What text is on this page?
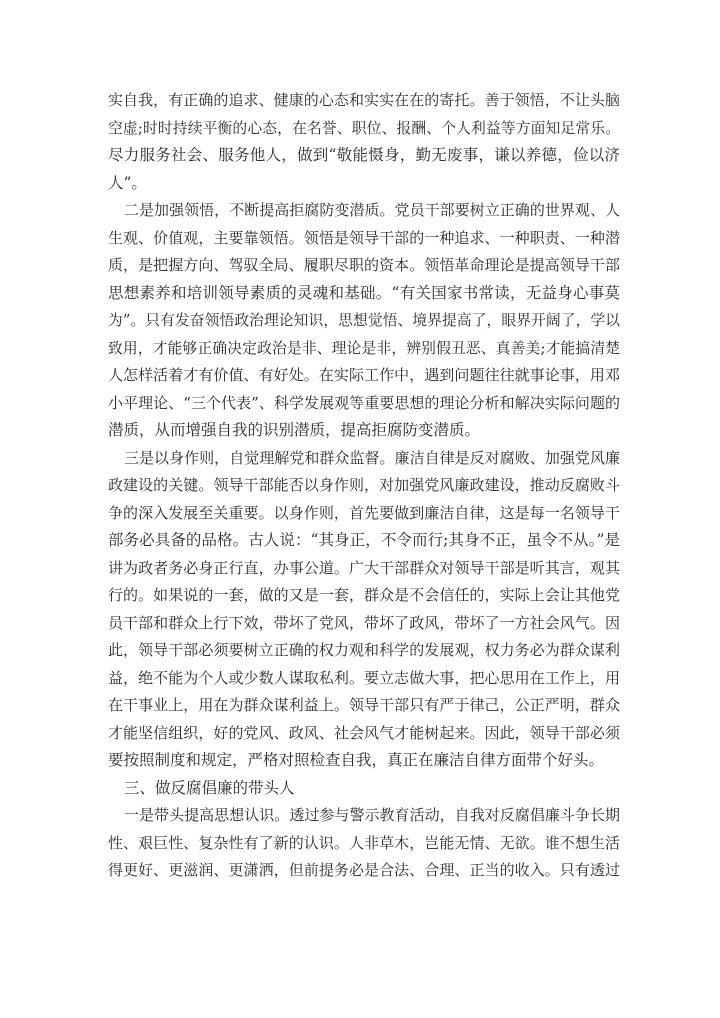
实自我，有正确的追求、健康的心态和实实在在的寄托。善于领悟，不让头脑
空虚;时时持续平衡的心态，在名誉、职位、报酬、个人利益等方面知足常乐。
尽力服务社会、服务他人，做到“敬能慑身，勤无废事，谦以养德，俭以济
人”。
二是加强领悟，不断提高拒腐防变潜质。党员干部要树立正确的世界观、人
生观、价值观，主要靠领悟。领悟是领导干部的一种追求、一种职责、一种潜
质，是把握方向、驾驭全局、履职尽职的资本。领悟革命理论是提高领导干部
思想素养和培训领导素质的灵魂和基础。“有关国家书常读，无益身心事莫
为”。只有发奋领悟政治理论知识，思想觉悟、境界提高了，眼界开阔了，学以
致用，才能够正确决定政治是非、理论是非，辨别假丑恶、真善美;才能搞清楚
人怎样活着才有价值、有好处。在实际工作中，遇到问题往往就事论事，用邓
小平理论、“三个代表”、科学发展观等重要思想的理论分析和解决实际问题的
潜质，从而增强自我的识别潜质，提高拒腐防变潜质。
三是以身作则，自觉理解党和群众监督。廉洁自律是反对腐败、加强党风廉
政建设的关键。领导干部能否以身作则，对加强党风廉政建设，推动反腐败斗
争的深入发展至关重要。以身作则，首先要做到廉洁自律，这是每一名领导干
部务必具备的品格。古人说：“其身正，不令而行;其身不正，虽令不从。”是
讲为政者务必身正行直，办事公道。广大干部群众对领导干部是听其言，观其
行的。如果说的一套，做的又是一套，群众是不会信任的，实际上会让其他党
员干部和群众上行下效，带坏了党风，带坏了政风，带坏了一方社会风气。因
此，领导干部必须要树立正确的权力观和科学的发展观，权力务必为群众谋利
益，绝不能为个人或少数人谋取私利。要立志做大事，把心思用在工作上，用
在干事业上，用在为群众谋利益上。领导干部只有严于律己，公正严明，群众
才能坚信组织，好的党风、政风、社会风气才能树起来。因此，领导干部必须
要按照制度和规定，严格对照检查自我，真正在廉洁自律方面带个好头。
三、做反腐倡廉的带头人
一是带头提高思想认识。透过参与警示教育活动，自我对反腐倡廉斗争长期
性、艰巨性、复杂性有了新的认识。人非草木，岂能无情、无欲。谁不想生活
得更好、更滋润、更潇洒，但前提务必是合法、合理、正当的收入。只有透过
